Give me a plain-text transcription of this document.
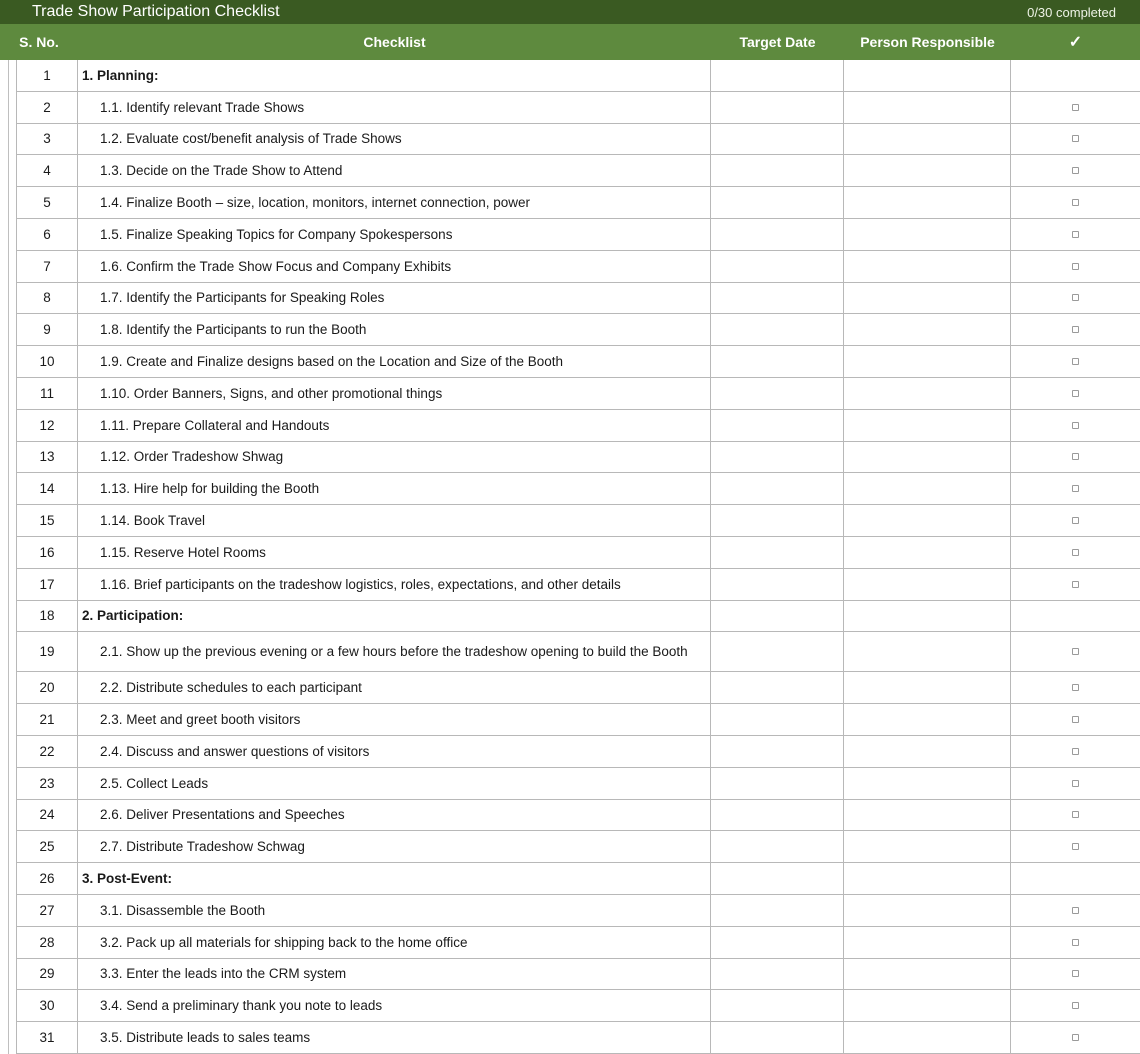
Trade Show Participation Checklist	0/30 completed
S. No.	Checklist	Target Date	Person Responsible	✓
1	1. Planning:
2	1.1. Identify relevant Trade Shows
3	1.2. Evaluate cost/benefit analysis of Trade Shows
4	1.3. Decide on the Trade Show to Attend
5	1.4. Finalize Booth – size, location, monitors, internet connection, power
6	1.5. Finalize Speaking Topics for Company Spokespersons
7	1.6. Confirm the Trade Show Focus and Company Exhibits
8	1.7. Identify the Participants for Speaking Roles
9	1.8. Identify the Participants to run the Booth
10	1.9. Create and Finalize designs based on the Location and Size of the Booth
11	1.10. Order Banners, Signs, and other promotional things
12	1.11. Prepare Collateral and Handouts
13	1.12. Order Tradeshow Shwag
14	1.13. Hire help for building the Booth
15	1.14. Book Travel
16	1.15. Reserve Hotel Rooms
17	1.16. Brief participants on the tradeshow logistics, roles, expectations, and other details
18	2. Participation:
19	2.1. Show up the previous evening or a few hours before the tradeshow opening to build the Booth
20	2.2. Distribute schedules to each participant
21	2.3. Meet and greet booth visitors
22	2.4. Discuss and answer questions of visitors
23	2.5. Collect Leads
24	2.6. Deliver Presentations and Speeches
25	2.7. Distribute Tradeshow Schwag
26	3. Post-Event:
27	3.1. Disassemble the Booth
28	3.2. Pack up all materials for shipping back to the home office
29	3.3. Enter the leads into the CRM system
30	3.4. Send a preliminary thank you note to leads
31	3.5. Distribute leads to sales teams
